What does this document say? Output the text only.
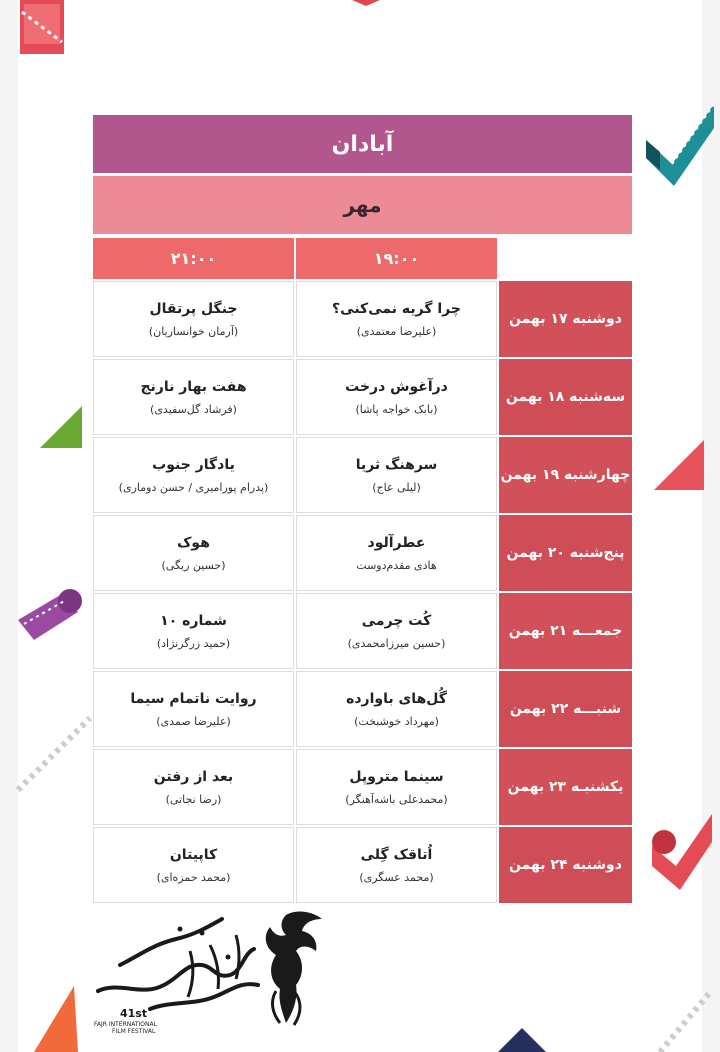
آبادان
مهر
۲۱:۰۰	۱۹:۰۰
جنگل پرتقال
(آرمان خوانساریان)
چرا گریه نمی‌کنی؟
(علیرضا معتمدی)
دوشنبه ۱۷ بهمن
هفت بهار نارنج
(فرشاد گل‌سفیدی)
درآغوش درخت
(بابک خواجه پاشا)
سه‌شنبه ۱۸ بهمن
یادگار جنوب
(پدرام پورامیری / حسن دوماری)
سرهنگ ثریا
(لیلی عاج)
چهارشنبه ۱۹ بهمن
هوک
(حسین ریگی)
عطرآلود
هادی مقدم‌دوست
پنج‌شنبه ۲۰ بهمن
شماره ۱۰
(حمید زرگرنژاد)
کُت چرمی
(حسین میرزامحمدی)
جمعـــه ۲۱ بهمن
روایت ناتمام سیما
(علیرضا صمدی)
گُل‌های باوارده
(مهرداد خوشبخت)
شنبـــه ۲۲ بهمن
بعد از رفتن
(رضا نجاتی)
سینما متروپل
(محمدعلی باشه‌آهنگر)
یکشنبـه ۲۳ بهمن
کاپیتان
(محمد حمزه‌ای)
اُتاقک گِلی
(محمد عسگری)
دوشنبه ۲۴ بهمن
41st
FAJR INTERNATIONAL
FILM FESTIVAL
